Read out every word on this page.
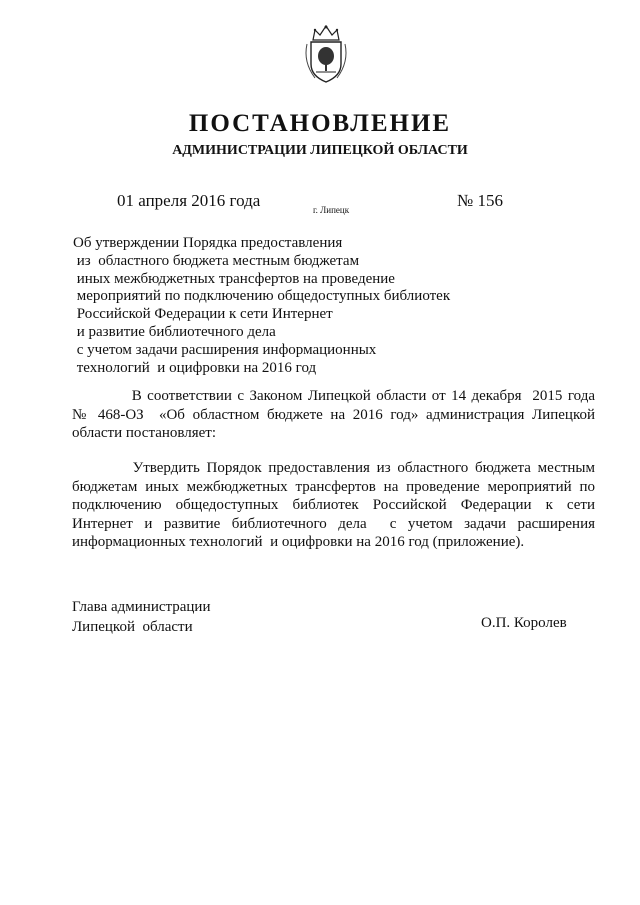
ПОСТАНОВЛЕНИЕ
АДМИНИСТРАЦИИ ЛИПЕЦКОЙ ОБЛАСТИ
01 апреля 2016 года	г. Липецк	№ 156
Об утверждении Порядка предоставления
из  областного бюджета местным бюджетам
иных межбюджетных трансфертов на проведение
мероприятий по подключению общедоступных библиотек
Российской Федерации к сети Интернет
и развитие библиотечного дела
с учетом задачи расширения информационных
технологий  и оцифровки на 2016 год
В соответствии с Законом Липецкой области от 14 декабря  2015 года
№ 468-ОЗ  «Об областном бюджете на 2016 год» администрация Липецкой
области постановляет:
Утвердить Порядок предоставления из областного бюджета местным
бюджетам иных межбюджетных трансфертов на проведение мероприятий по
подключению общедоступных библиотек Российской Федерации к сети
Интернет и развитие библиотечного дела  с учетом задачи расширения
информационных технологий  и оцифровки на 2016 год (приложение).
Глава администрации
Липецкой  области	О.П. Королев
